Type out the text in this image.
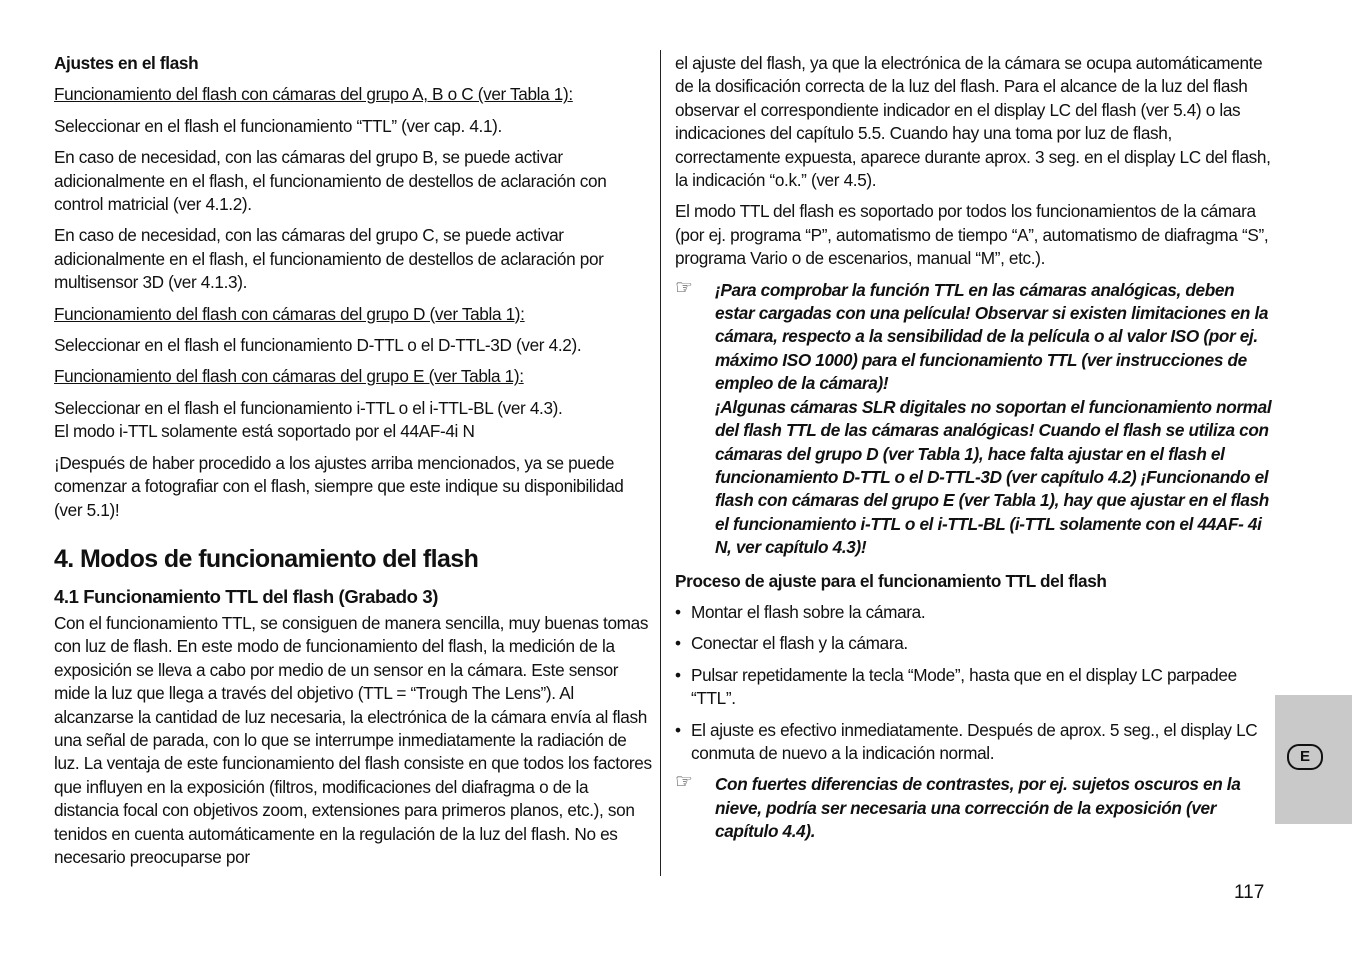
Ajustes en el flash

Funcionamiento del flash con cámaras del grupo A, B o C (ver Tabla 1):

Seleccionar en el flash el funcionamiento “TTL” (ver cap. 4.1).

En caso de necesidad, con las cámaras del grupo B, se puede activar adicionalmente en el flash, el funcionamiento de destellos de aclaración con control matricial (ver 4.1.2).

En caso de necesidad, con las cámaras del grupo C, se puede activar adicionalmente en el flash, el funcionamiento de destellos de aclaración por multisensor 3D (ver 4.1.3).

Funcionamiento del flash con cámaras del grupo D (ver Tabla 1):

Seleccionar en el flash el funcionamiento D-TTL o el D-TTL-3D (ver 4.2).

Funcionamiento del flash con cámaras del grupo E (ver Tabla 1):

Seleccionar en el flash el funcionamiento i-TTL o el i-TTL-BL (ver 4.3).

El modo i-TTL solamente está soportado por el 44AF-4i N

¡Después de haber procedido a los ajustes arriba mencionados, ya se puede comenzar a fotografiar con el flash, siempre que este indique su disponibilidad (ver 5.1)!

4. Modos de funcionamiento del flash
4.1 Funcionamiento TTL del flash (Grabado 3)

Con el funcionamiento TTL, se consiguen de manera sencilla, muy buenas tomas con luz de flash. En este modo de funcionamiento del flash, la medición de la exposición se lleva a cabo por medio de un sensor en la cámara. Este sensor mide la luz que llega a través del objetivo (TTL = “Trough The Lens”). Al alcanzarse la cantidad de luz necesaria, la electrónica de la cámara envía al flash una señal de parada, con lo que se interrumpe inmediatamente la radiación de luz. La ventaja de este funcionamiento del flash consiste en que todos los factores que influyen en la exposición (filtros, modificaciones del diafragma o de la distancia focal con objetivos zoom, extensiones para primeros planos, etc.), son tenidos en cuenta automáticamente en la regulación de la luz del flash. No es necesario preocuparse por

el ajuste del flash, ya que la electrónica de la cámara se ocupa automáticamente de la dosificación correcta de la luz del flash. Para el alcance de la luz del flash observar el correspondiente indicador en el display LC del flash (ver 5.4) o las indicaciones del capítulo 5.5. Cuando hay una toma por luz de flash, correctamente expuesta, aparece durante aprox. 3 seg. en el display LC del flash, la indicación “o.k.” (ver 4.5).

El modo TTL del flash es soportado por todos los funcionamientos de la cámara (por ej. programa “P”, automatismo de tiempo “A”, automatismo de diafragma “S”, programa Vario o de escenarios, manual “M”, etc.).

☞ ¡Para comprobar la función TTL en las cámaras analógicas, deben estar cargadas con una película! Observar si existen limitaciones en la cámara, respecto a la sensibilidad de la película o al valor ISO (por ej. máximo ISO 1000) para el funcionamiento TTL (ver instrucciones de empleo de la cámara)!

¡Algunas cámaras SLR digitales no soportan el funcionamiento normal del flash TTL de las cámaras analógicas! Cuando el flash se utiliza con cámaras del grupo D (ver Tabla 1), hace falta ajustar en el flash el funcionamiento D-TTL o el D-TTL-3D (ver capítulo 4.2) ¡Funcionando el flash con cámaras del grupo E (ver Tabla 1), hay que ajustar en el flash el funcionamiento i-TTL o el i-TTL-BL (i-TTL solamente con el 44AF- 4i N, ver capítulo 4.3)!

Proceso de ajuste para el funcionamiento TTL del flash

• Montar el flash sobre la cámara.
• Conectar el flash y la cámara.
• Pulsar repetidamente la tecla “Mode”, hasta que en el display LC parpadee “TTL”.
• El ajuste es efectivo inmediatamente. Después de aprox. 5 seg., el display LC conmuta de nuevo a la indicación normal.
☞ Con fuertes diferencias de contrastes, por ej. sujetos oscuros en la nieve, podría ser necesaria una corrección de la exposición (ver capítulo 4.4).

E
117
